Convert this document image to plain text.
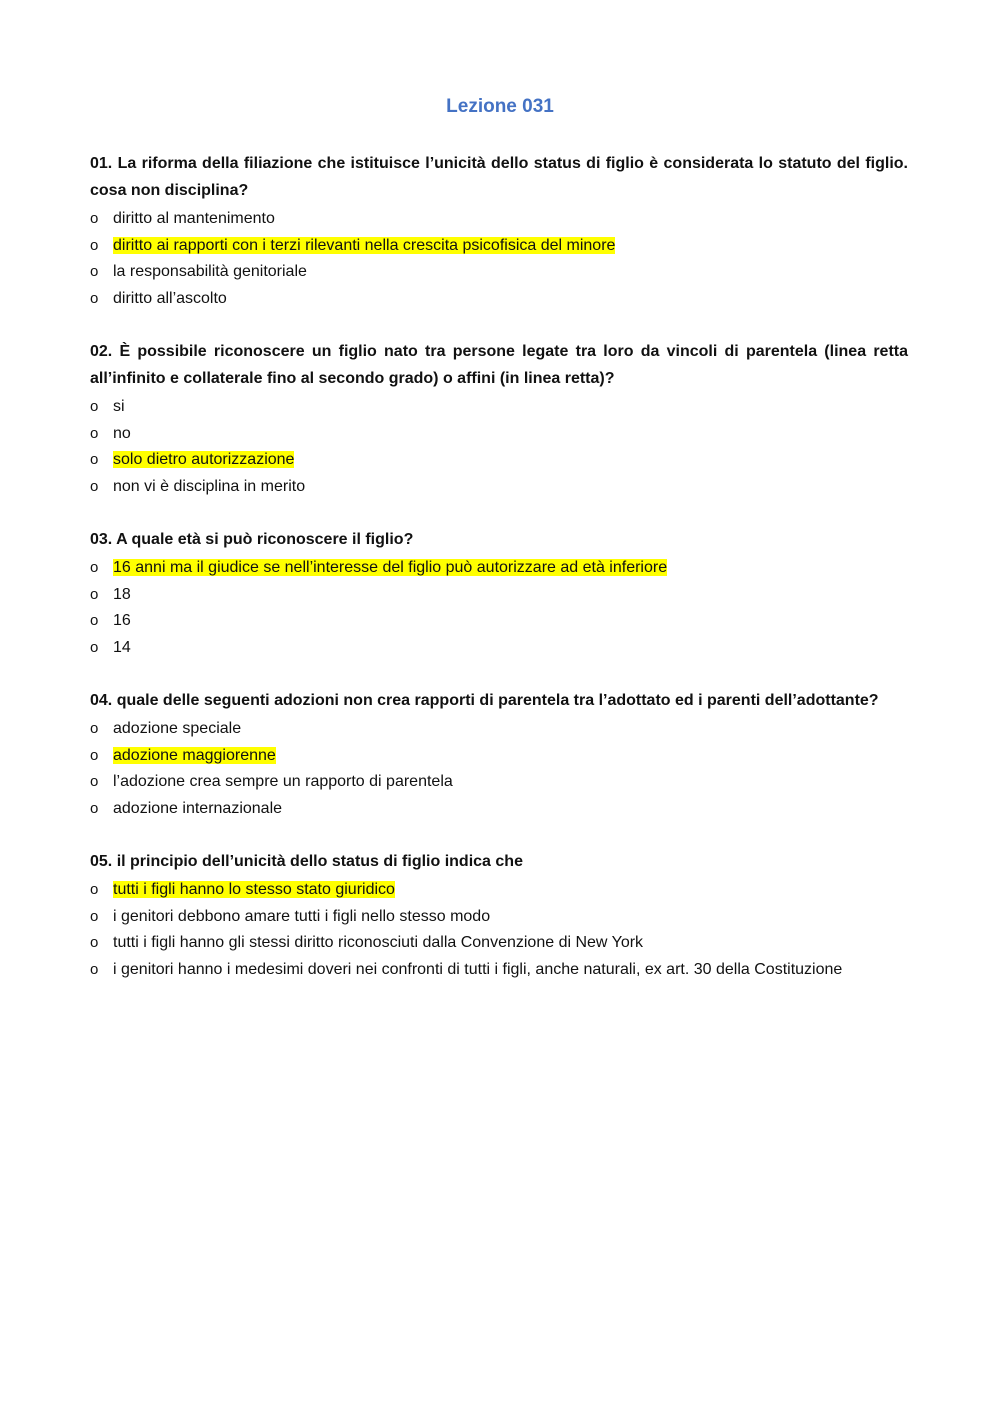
Lezione 031

01. La riforma della filiazione che istituisce l’unicità dello status di figlio è considerata lo statuto del figlio. cosa non disciplina?

o diritto al mantenimento
o diritto ai rapporti con i terzi rilevanti nella crescita psicofisica del minore
o la responsabilità genitoriale
o diritto all’ascolto

02. È possibile riconoscere un figlio nato tra persone legate tra loro da vincoli di parentela (linea retta all’infinito e collaterale fino al secondo grado) o affini (in linea retta)?

o si
o no
o solo dietro autorizzazione
o non vi è disciplina in merito

03. A quale età si può riconoscere il figlio?

o 16 anni ma il giudice se nell’interesse del figlio può autorizzare ad età inferiore
o 18
o 16
o 14

04. quale delle seguenti adozioni non crea rapporti di parentela tra l’adottato ed i parenti dell’adottante?

o adozione speciale
o adozione maggiorenne
o l’adozione crea sempre un rapporto di parentela
o adozione internazionale

05. il principio dell’unicità dello status di figlio indica che

o tutti i figli hanno lo stesso stato giuridico
o i genitori debbono amare tutti i figli nello stesso modo
o tutti i figli hanno gli stessi diritto riconosciuti dalla Convenzione di New York
o i genitori hanno i medesimi doveri nei confronti di tutti i figli, anche naturali, ex art. 30 della Costituzione
